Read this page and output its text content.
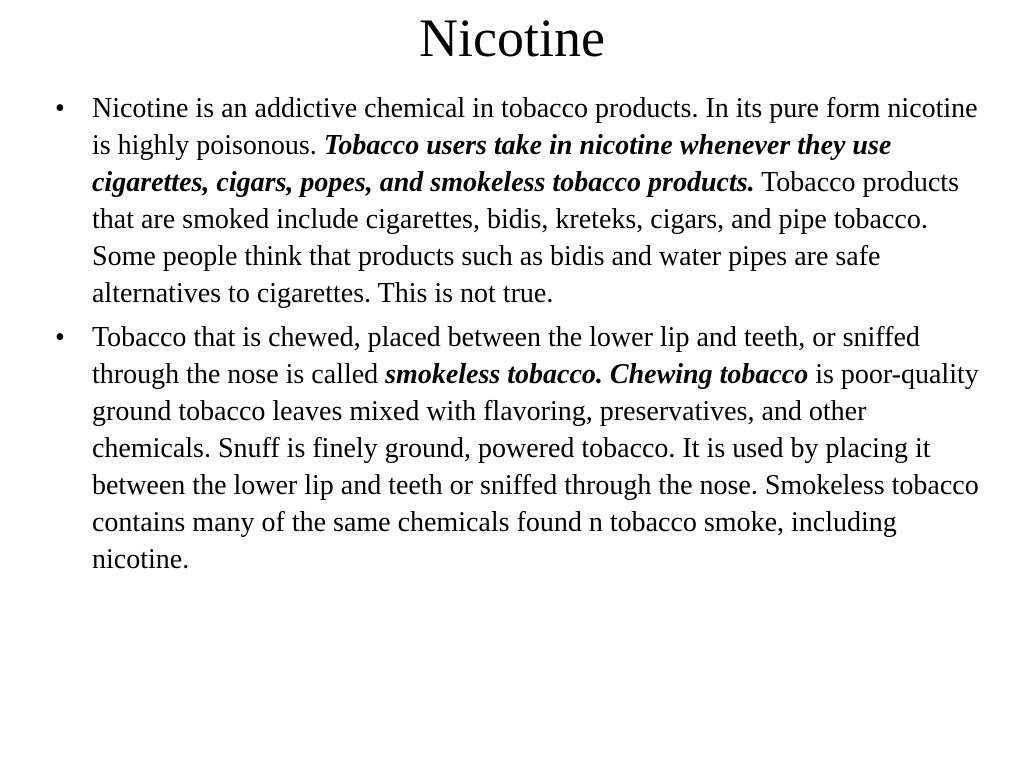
Nicotine
• Nicotine is an addictive chemical in tobacco products. In its pure form nicotine is highly poisonous. Tobacco users take in nicotine whenever they use cigarettes, cigars, popes, and smokeless tobacco products. Tobacco products that are smoked include cigarettes, bidis, kreteks, cigars, and pipe tobacco. Some people think that products such as bidis and water pipes are safe alternatives to cigarettes. This is not true.
• Tobacco that is chewed, placed between the lower lip and teeth, or sniffed through the nose is called smokeless tobacco. Chewing tobacco is poor-quality ground tobacco leaves mixed with flavoring, preservatives, and other chemicals. Snuff is finely ground, powered tobacco. It is used by placing it between the lower lip and teeth or sniffed through the nose. Smokeless tobacco contains many of the same chemicals found n tobacco smoke, including nicotine.
